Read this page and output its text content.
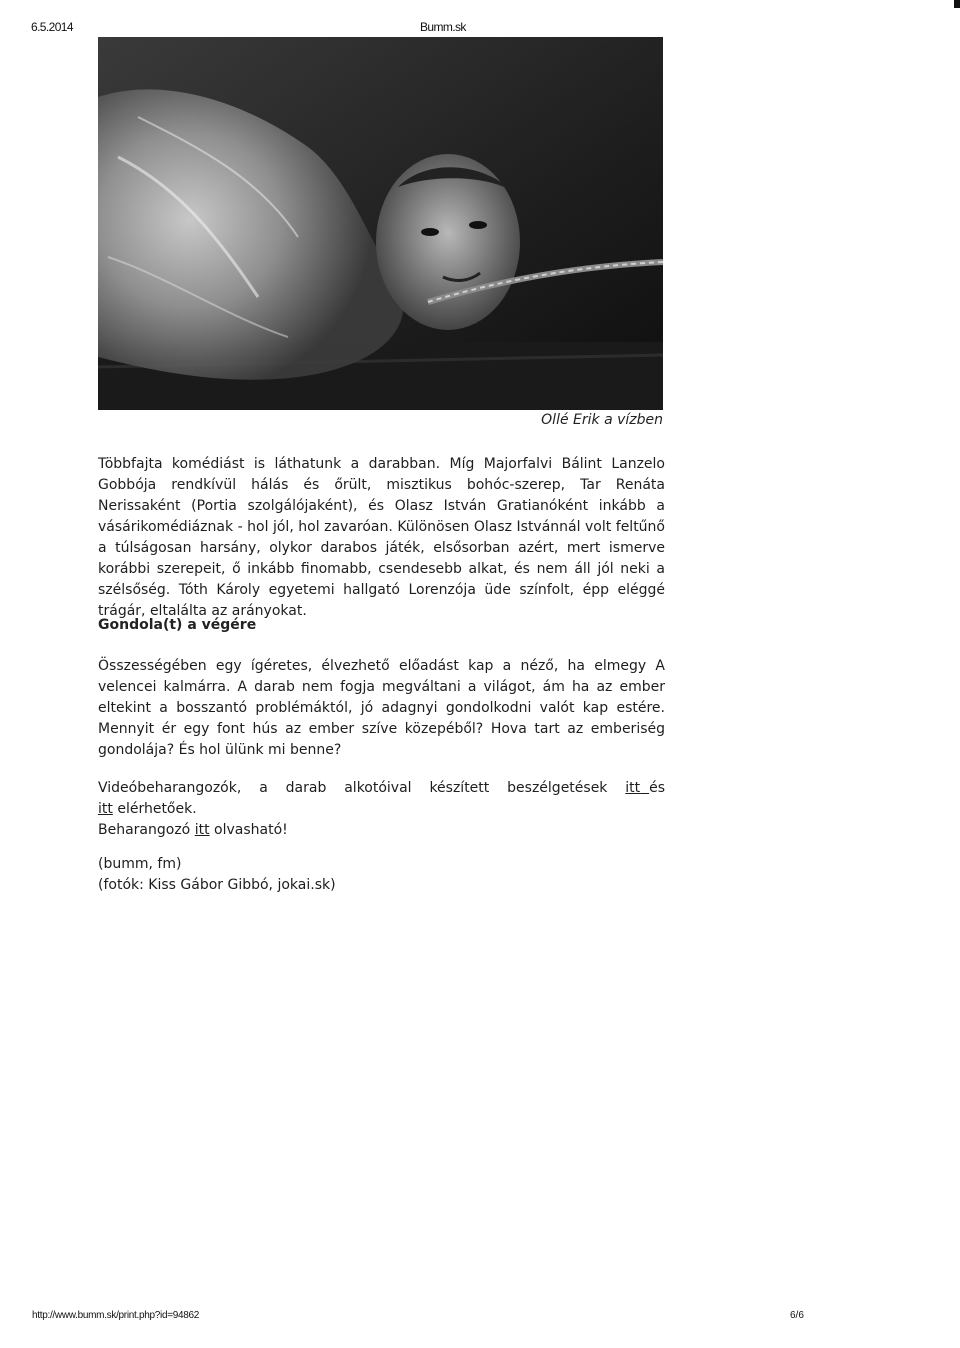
6.5.2014	Bumm.sk
Ollé Erik a vízben

Többfajta komédiást is láthatunk a darabban. Míg Majorfalvi Bálint Lanzelo Gobbója rendkívül hálás és őrült, misztikus bohóc-szerep, Tar Renáta Nerissaként (Portia szolgálójaként), és Olasz István Gratianóként inkább a vásárikomédiáznak - hol jól, hol zavaróan. Különösen Olasz Istvánnál volt feltűnő a túlságosan harsány, olykor darabos játék, elsősorban azért, mert ismerve korábbi szerepeit, ő inkább finomabb, csendesebb alkat, és nem áll jól neki a szélsőség. Tóth Károly egyetemi hallgató Lorenzója üde színfolt, épp eléggé trágár, eltalálta az arányokat.

Gondola(t) a végére

Összességében egy ígéretes, élvezhető előadást kap a néző, ha elmegy A velencei kalmárra. A darab nem fogja megváltani a világot, ám ha az ember eltekint a bosszantó problémáktól, jó adagnyi gondolkodni valót kap estére. Mennyit ér egy font hús az ember szíve közepéből? Hova tart az emberiség gondolája? És hol ülünk mi benne?

Videóbeharangozók, a darab alkotóival készített beszélgetések itt és
itt elérhetőek.
Beharangozó itt olvasható!
(bumm, fm)
(fotók: Kiss Gábor Gibbó, jokai.sk)
http://www.bumm.sk/print.php?id=94862	6/6
